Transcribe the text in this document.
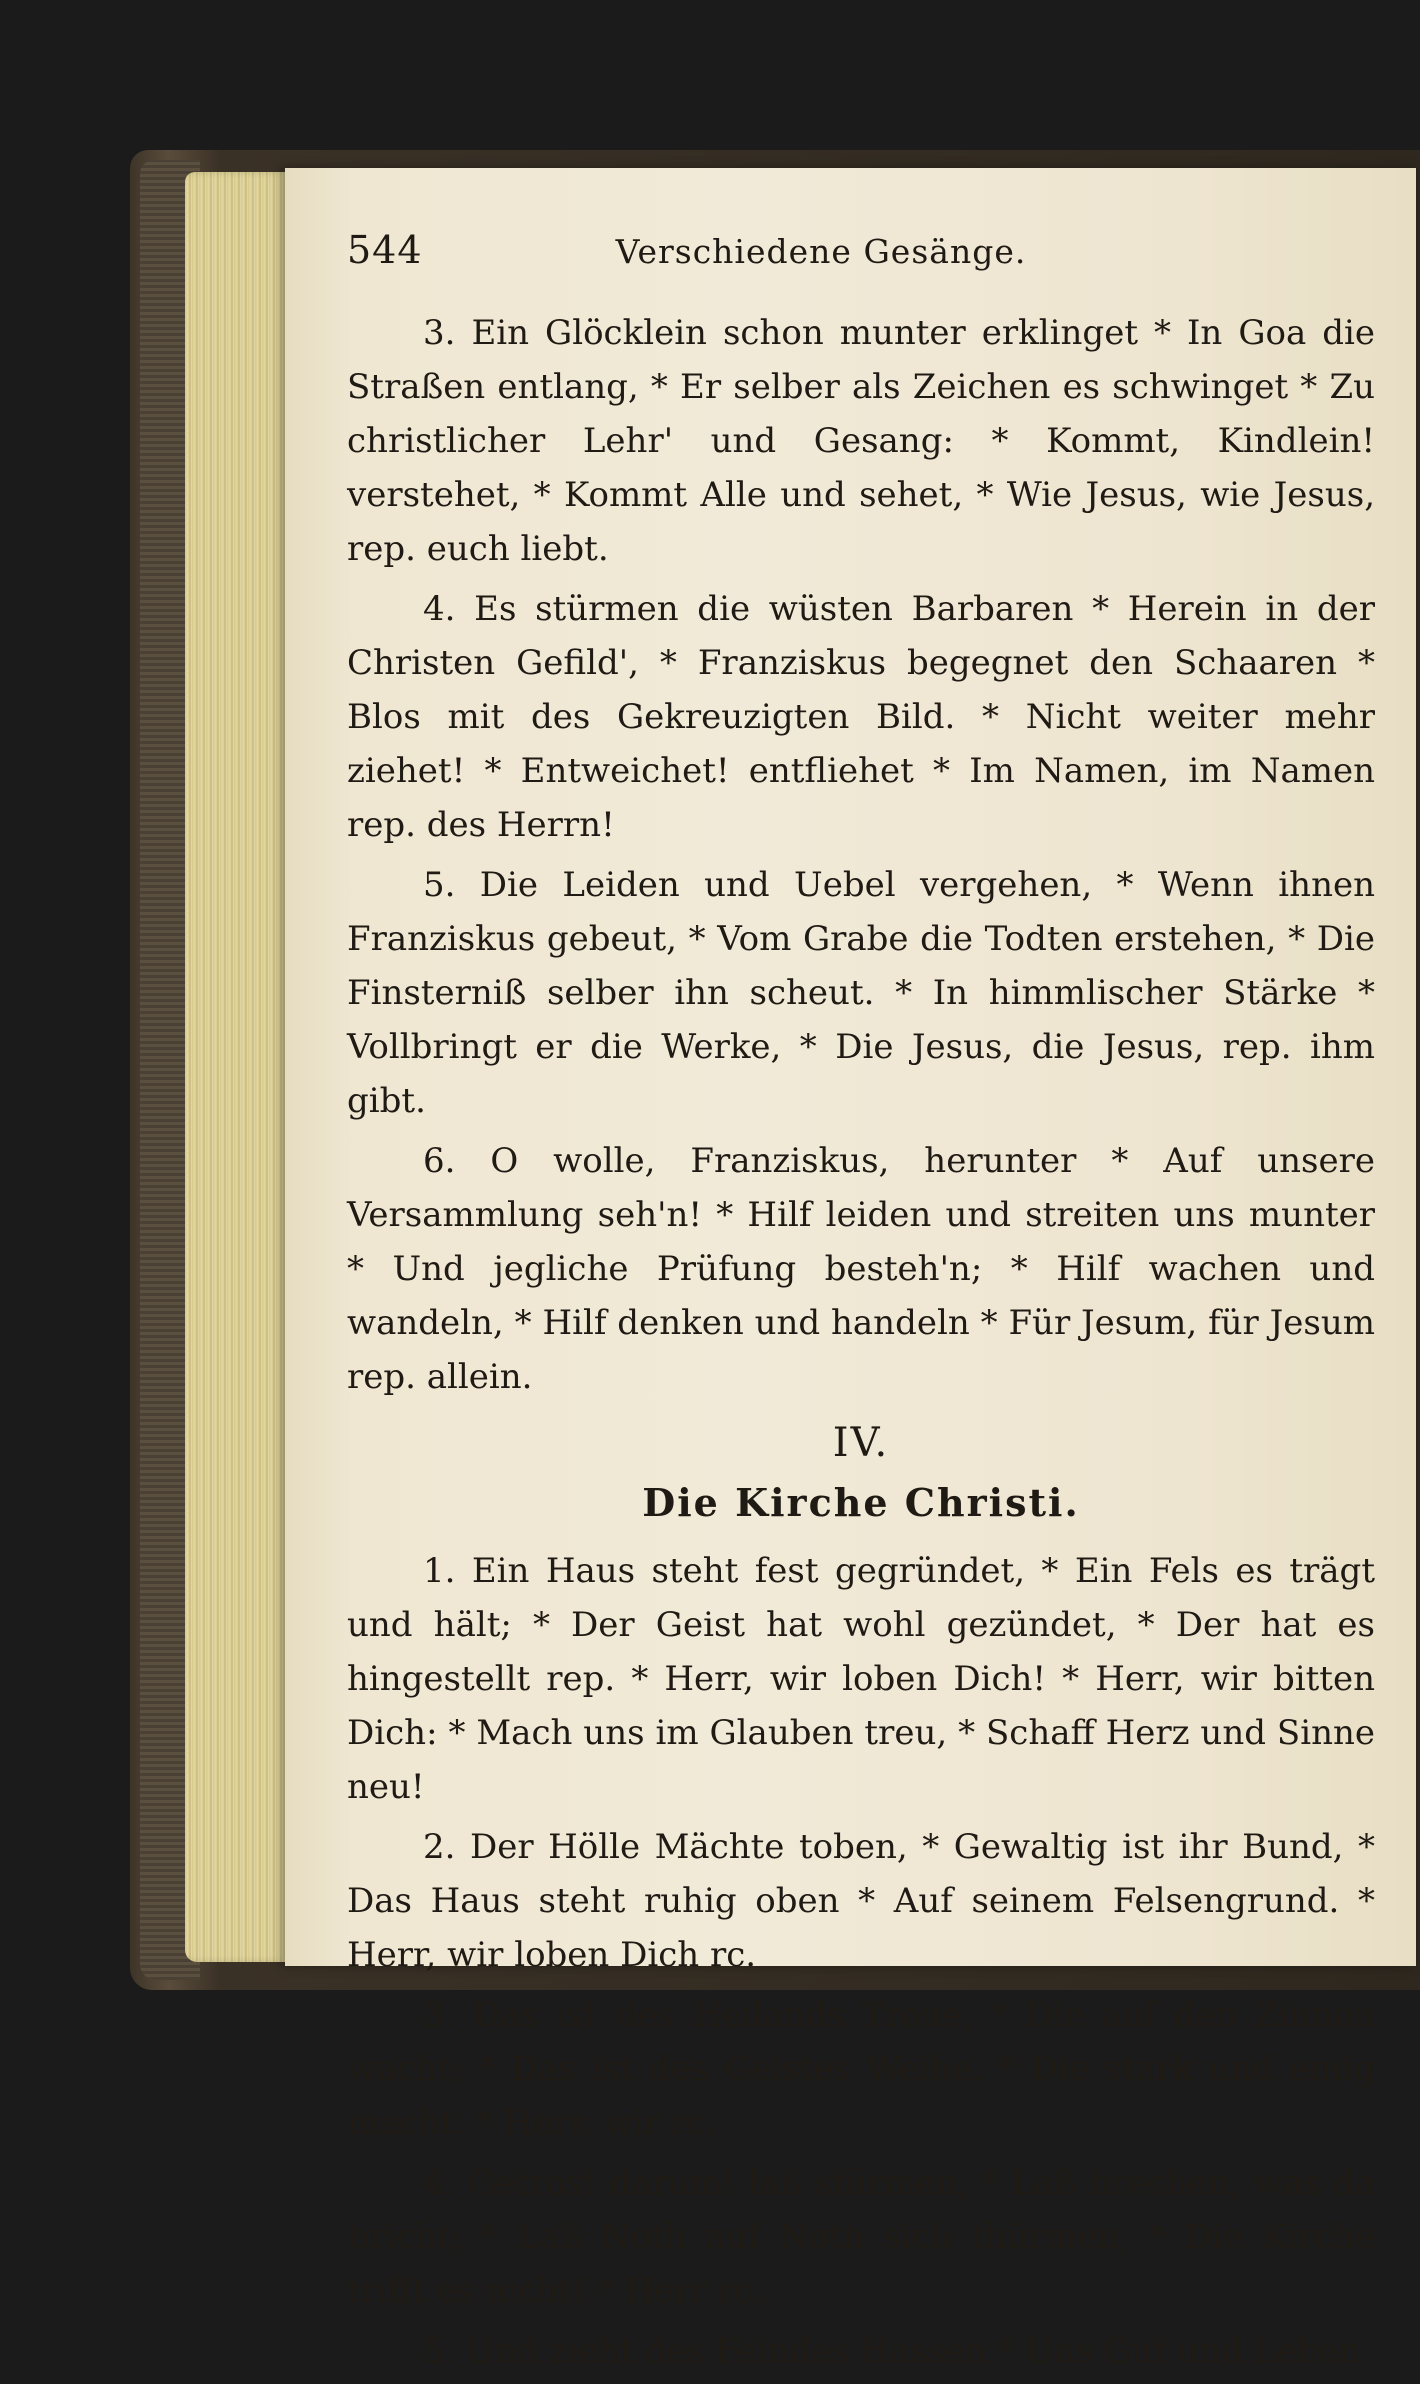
544	Verschiedene Gesänge.

3. Ein Glöcklein schon munter erklinget * In Goa die Straßen entlang, * Er selber als Zeichen es schwinget * Zu christlicher Lehr' und Gesang: * Kommt, Kindlein! verstehet, * Kommt Alle und sehet, * Wie Jesus, wie Jesus, rep. euch liebt.

4. Es stürmen die wüsten Barbaren * Herein in der Christen Gefild', * Franziskus begegnet den Schaaren * Blos mit des Gekreuzigten Bild. * Nicht weiter mehr ziehet! * Entweichet! entfliehet * Im Namen, im Namen rep. des Herrn!

5. Die Leiden und Uebel vergehen, * Wenn ihnen Franziskus gebeut, * Vom Grabe die Todten erstehen, * Die Finsterniß selber ihn scheut. * In himmlischer Stärke * Vollbringt er die Werke, * Die Jesus, die Jesus, rep. ihm gibt.

6. O wolle, Franziskus, herunter * Auf unsere Versammlung seh'n! * Hilf leiden und streiten uns munter * Und jegliche Prüfung besteh'n; * Hilf wachen und wandeln, * Hilf denken und handeln * Für Jesum, für Jesum rep. allein.

IV.
Die Kirche Christi.

1. Ein Haus steht fest gegründet, * Ein Fels es trägt und hält; * Der Geist hat wohl gezündet, * Der hat es hingestellt rep. * Herr, wir loben Dich! * Herr, wir bitten Dich: * Mach uns im Glauben treu, * Schaff Herz und Sinne neu!

2. Der Hölle Mächte toben, * Gewaltig ist ihr Bund, * Das Haus steht ruhig oben * Auf seinem Felsengrund. * Herr, wir loben Dich rc.

3. Das ist des Heilands Treue, * Die auf den Zinnen wacht; * Das ist des Geistes Weihe, * Die stark und einig macht. * Herr, wir rc.

4. Getrost darum! laß stürmen, * Laß brechen, was da bricht; * Laß Noth auf Noth sich thürmen, * Die Kirche trifft es nicht! * Herr rc.

5. Und zieht des Feindes Hassen * Uns Gut und Leben
